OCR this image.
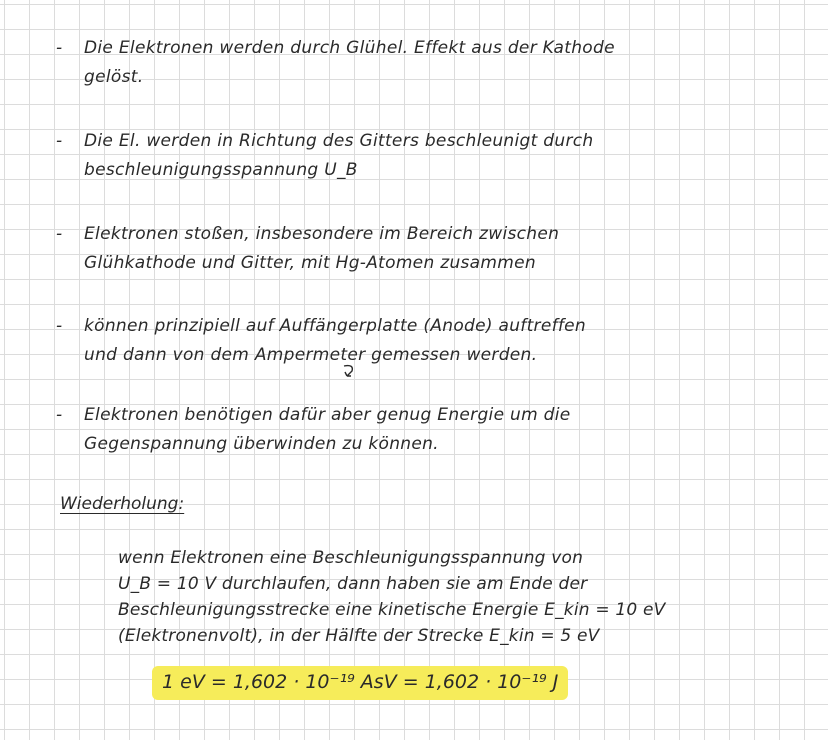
-	Die Elektronen werden durch Glühel. Effekt aus der Kathode
gelöst.
-	Die El. werden in Richtung des Gitters beschleunigt durch
beschleunigungsspannung U_B
-	Elektronen stoßen, insbesondere im Bereich zwischen
Glühkathode und Gitter, mit Hg-Atomen zusammen
-	können prinzipiell auf Auffängerplatte (Anode) auftreffen
und dann von dem Ampermeter gemessen werden.
-	Elektronen benötigen dafür aber genug Energie um die
Gegenspannung überwinden zu können.
Wiederholung:
wenn Elektronen eine Beschleunigungsspannung von
U_B = 10 V durchlaufen, dann haben sie am Ende der
Beschleunigungsstrecke eine kinetische Energie E_kin = 10 eV
(Elektronenvolt), in der Hälfte der Strecke E_kin = 5 eV
1 eV = 1,602 · 10⁻¹⁹ AsV = 1,602 · 10⁻¹⁹ J
